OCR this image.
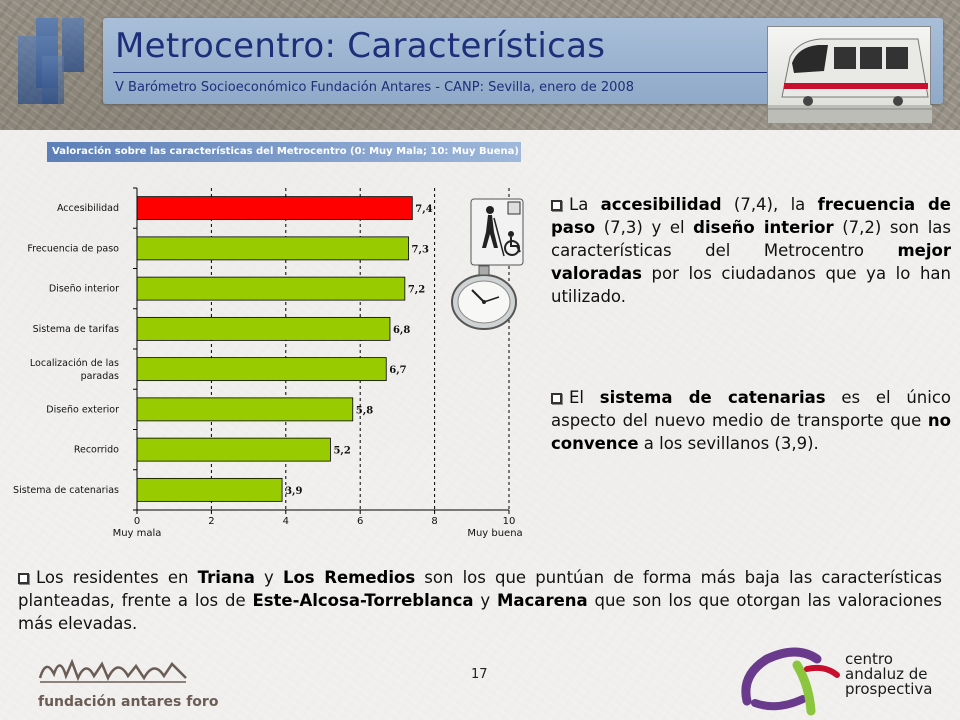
Metrocentro: Características
V Barómetro Socioeconómico Fundación Antares - CANP: Sevilla, enero de 2008
Valoración sobre las características del Metrocentro (0: Muy Mala; 10: Muy Buena)
7,4
Accesibilidad
7,3
Frecuencia de paso
7,2
Diseño interior
6,8
Sistema de tarifas
6,7
Localización de las
paradas
5,8
Diseño exterior
5,2
Recorrido
3,9
Sistema de catenarias
0	2	4	6	8	10
Muy mala	Muy buena
La accesibilidad (7,4), la frecuencia de paso (7,3) y el diseño interior (7,2) son las características del Metrocentro mejor valoradas por los ciudadanos que ya lo han utilizado.
El sistema de catenarias es el único aspecto del nuevo medio de transporte que no convence a los sevillanos (3,9).
Los residentes en Triana y Los Remedios son los que puntúan de forma más baja las características planteadas, frente a los de Este-Alcosa-Torreblanca y Macarena que son los que otorgan las valoraciones más elevadas.
fundación antares foro
17
centro
andaluz de
prospectiva
